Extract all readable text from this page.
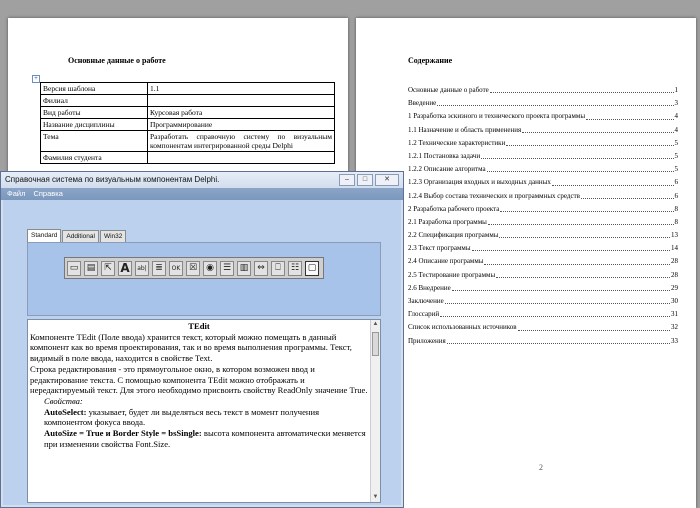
Основные данные о работе
+
Версия шаблона	1.1
Филиал	
Вид работы	Курсовая работа
Название дисциплины	Программирование
Тема	Разработать справочную систему по визуальным компонентам интегрированной среды Delphi
Фамилия студента	
Содержание
Основные данные о работе	1
Введение	3
1 Разработка эскизного и технического проекта программы	4
1.1 Назначение и область применения	4
1.2 Технические характеристики	5
1.2.1 Постановка задачи	5
1.2.2 Описание алгоритма	5
1.2.3 Организация входных и выходных данных	6
1.2.4 Выбор состава технических и программных средств	6
2 Разработка рабочего проекта	8
2.1 Разработка программы	8
2.2 Спецификация программы	13
2.3 Текст программы	14
2.4 Описание программы	28
2.5 Тестирование программы	28
2.6 Внедрение	29
Заключение	30
Глоссарий	31
Список использованных источников	32
Приложения	33
2
Справочная система по визуальным компонентам Delphi.	–	□	✕
Файл	Справка
Standard	Additional	Win32
▭ ▤ ⇱ A	ab| ≣	OK ☒	◉	☰ ▥ ⇔	⎕	☷ ▢
TEdit
Компоненте TEdit (Поле ввода) хранится текст, который можно помещать в данный компонент как во время проектирования, так и во время выполнения программы. Текст, видимый в поле ввода, находится в свойстве Text.
Строка редактирования - это прямоугольное окно, в котором возможен ввод и редактирование текста. С помощью компонента TEdit можно отображать и нередактируемый текст. Для этого необходимо присвоить свойству ReadOnly значение True.
Свойства:
AutoSelect: указывает, будет ли выделяться весь текст в момент получения компонентом фокуса ввода.
AutoSize = True и Border Style = bsSingle: высота компонента автоматически меняется при изменении свойства Font.Size.
▲
▼
